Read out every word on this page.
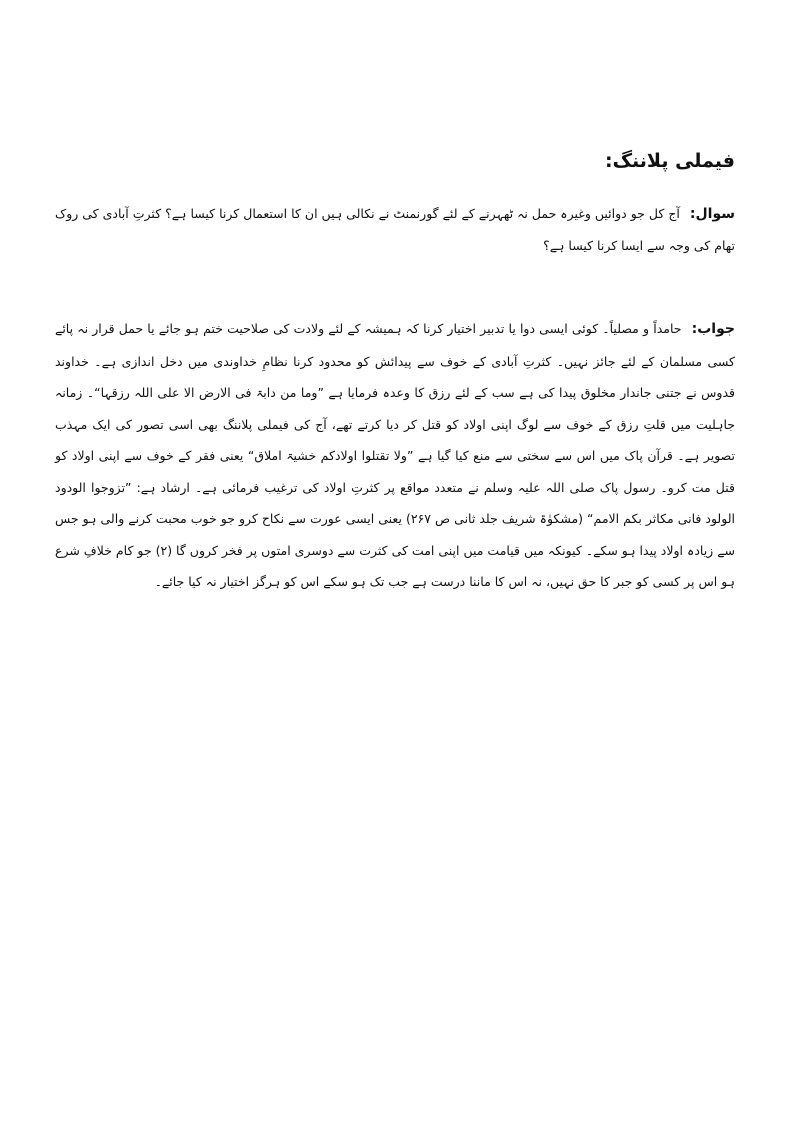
فیملی پلاننگ:
سوال: آج کل جو دوائیں وغیرہ حمل نہ ٹھہرنے کے لئے گورنمنٹ نے نکالی ہیں ان کا استعمال کرنا کیسا ہے؟ کثرتِ آبادی کی روک تھام کی وجہ سے ایسا کرنا کیسا ہے؟
جواب: حامداً و مصلیاً۔ کوئی ایسی دوا یا تدبیر اختیار کرنا کہ ہمیشہ کے لئے ولادت کی صلاحیت ختم ہو جائے یا حمل قرار نہ پائے کسی مسلمان کے لئے جائز نہیں۔ کثرتِ آبادی کے خوف سے پیدائش کو محدود کرنا نظامِ خداوندی میں دخل اندازی ہے۔ خداوند قدوس نے جتنی جاندار مخلوق پیدا کی ہے سب کے لئے رزق کا وعدہ فرمایا ہے ”وما من دابۃ فی الارض الا علی اللہ رزقہا“۔ زمانہ جاہلیت میں قلتِ رزق کے خوف سے لوگ اپنی اولاد کو قتل کر دیا کرتے تھے، آج کی فیملی پلاننگ بھی اسی تصور کی ایک مہذب تصویر ہے۔ قرآن پاک میں اس سے سختی سے منع کیا گیا ہے ”ولا تقتلوا اولادکم خشیۃ املاق“ یعنی فقر کے خوف سے اپنی اولاد کو قتل مت کرو۔ رسول پاک صلی اللہ علیہ وسلم نے متعدد مواقع پر کثرتِ اولاد کی ترغیب فرمائی ہے۔ ارشاد ہے: ”تزوجوا الودود الولود فانی مکاثر بکم الامم“ (مشکوٰۃ شریف جلد ثانی ص ۲۶۷) یعنی ایسی عورت سے نکاح کرو جو خوب محبت کرنے والی ہو جس سے زیادہ اولاد پیدا ہو سکے۔ کیونکہ میں قیامت میں اپنی امت کی کثرت سے دوسری امتوں پر فخر کروں گا (۲) جو کام خلافِ شرع ہو اس پر کسی کو جبر کا حق نہیں، نہ اس کا ماننا درست ہے جب تک ہو سکے اس کو ہرگز اختیار نہ کیا جائے۔
